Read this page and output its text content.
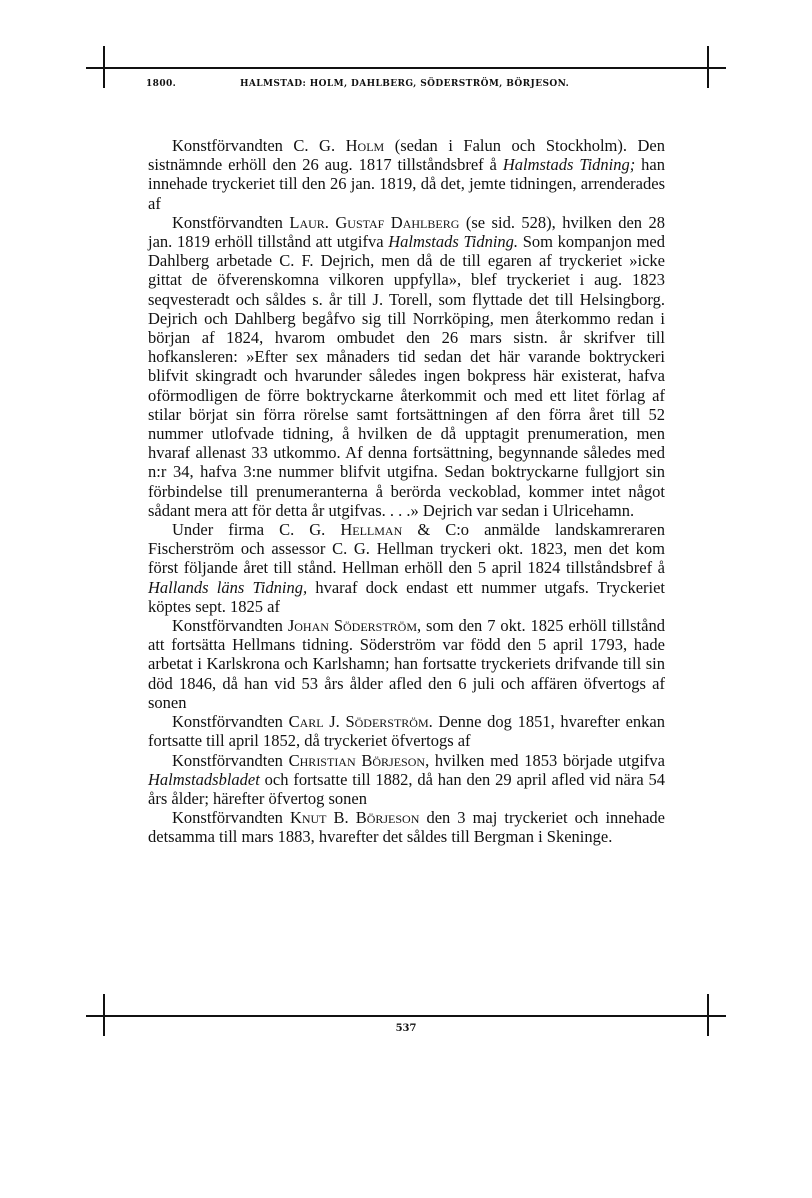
1800.	HALMSTAD: HOLM, DAHLBERG, SÖDERSTRÖM, BÖRJESON.

Konstförvandten C. G. Holm (sedan i Falun och Stockholm). Den sistnämnde erhöll den 26 aug. 1817 tillståndsbref å Halmstads Tidning; han innehade tryckeriet till den 26 jan. 1819, då det, jemte tidningen, arrenderades af

Konstförvandten Laur. Gustaf Dahlberg (se sid. 528), hvilken den 28 jan. 1819 erhöll tillstånd att utgifva Halmstads Tidning. Som kompanjon med Dahlberg arbetade C. F. Dejrich, men då de till egaren af tryckeriet »icke gittat de öfverenskomna vilkoren uppfylla», blef tryckeriet i aug. 1823 seqvesteradt och såldes s. år till J. Torell, som flyttade det till Helsingborg. Dejrich och Dahlberg begåfvo sig till Norrköping, men återkommo redan i början af 1824, hvarom ombudet den 26 mars sistn. år skrifver till hofkansleren: »Efter sex månaders tid sedan det här varande boktryckeri blifvit skingradt och hvarunder således ingen bokpress här existerat, hafva oförmodligen de förre boktryckarne återkommit och med ett litet förlag af stilar börjat sin förra rörelse samt fortsättningen af den förra året till 52 nummer utlofvade tidning, å hvilken de då upptagit prenumeration, men hvaraf allenast 33 utkommo. Af denna fortsättning, begynnande således med n:r 34, hafva 3:ne nummer blifvit utgifna. Sedan boktryckarne fullgjort sin förbindelse till prenumeranterna å berörda veckoblad, kommer intet något sådant mera att för detta år utgifvas. . . .» Dejrich var sedan i Ulricehamn.

Under firma C. G. Hellman & C:o anmälde landskamreraren Fischerström och assessor C. G. Hellman tryckeri okt. 1823, men det kom först följande året till stånd. Hellman erhöll den 5 april 1824 tillståndsbref å Hallands läns Tidning, hvaraf dock endast ett nummer utgafs. Tryckeriet köptes sept. 1825 af

Konstförvandten Johan Söderström, som den 7 okt. 1825 erhöll tillstånd att fortsätta Hellmans tidning. Söderström var född den 5 april 1793, hade arbetat i Karlskrona och Karlshamn; han fortsatte tryckeriets drifvande till sin död 1846, då han vid 53 års ålder afled den 6 juli och affären öfvertogs af sonen

Konstförvandten Carl J. Söderström. Denne dog 1851, hvarefter enkan fortsatte till april 1852, då tryckeriet öfvertogs af

Konstförvandten Christian Börjeson, hvilken med 1853 började utgifva Halmstadsbladet och fortsatte till 1882, då han den 29 april afled vid nära 54 års ålder; härefter öfvertog sonen

Konstförvandten Knut B. Börjeson den 3 maj tryckeriet och innehade detsamma till mars 1883, hvarefter det såldes till Bergman i Skeninge.

537
